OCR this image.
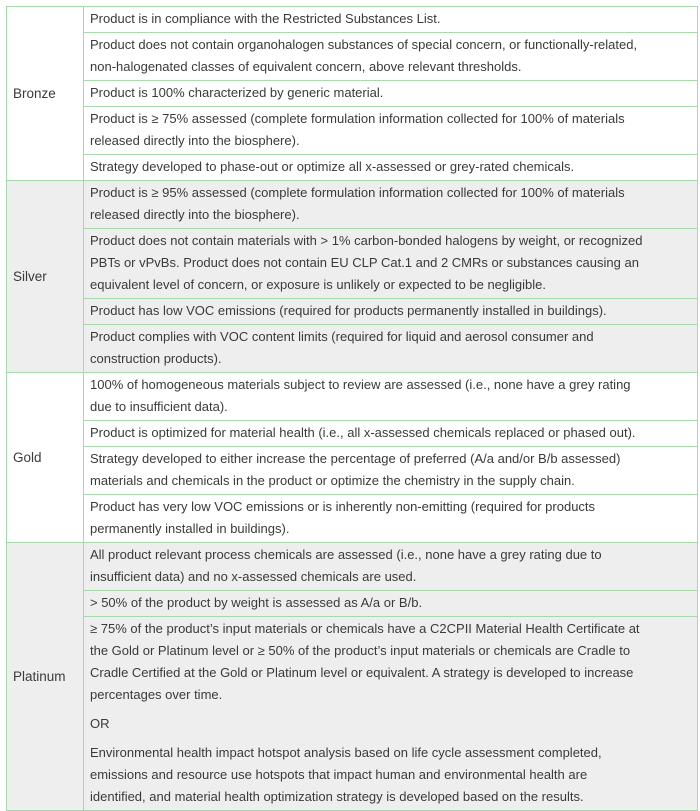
Bronze
Product is in compliance with the Restricted Substances List.
Product does not contain organohalogen substances of special concern, or functionally-related,
non-halogenated classes of equivalent concern, above relevant thresholds.
Product is 100% characterized by generic material.
Product is ≥ 75% assessed (complete formulation information collected for 100% of materials
released directly into the biosphere).
Strategy developed to phase-out or optimize all x-assessed or grey-rated chemicals.
Silver
Product is ≥ 95% assessed (complete formulation information collected for 100% of materials
released directly into the biosphere).
Product does not contain materials with > 1% carbon-bonded halogens by weight, or recognized
PBTs or vPvBs. Product does not contain EU CLP Cat.1 and 2 CMRs or substances causing an
equivalent level of concern, or exposure is unlikely or expected to be negligible.
Product has low VOC emissions (required for products permanently installed in buildings).
Product complies with VOC content limits (required for liquid and aerosol consumer and
construction products).
Gold
100% of homogeneous materials subject to review are assessed (i.e., none have a grey rating
due to insufficient data).
Product is optimized for material health (i.e., all x-assessed chemicals replaced or phased out).
Strategy developed to either increase the percentage of preferred (A/a and/or B/b assessed)
materials and chemicals in the product or optimize the chemistry in the supply chain.
Product has very low VOC emissions or is inherently non-emitting (required for products
permanently installed in buildings).
Platinum
All product relevant process chemicals are assessed (i.e., none have a grey rating due to
insufficient data) and no x-assessed chemicals are used.
> 50% of the product by weight is assessed as A/a or B/b.
≥ 75% of the product’s input materials or chemicals have a C2CPII Material Health Certificate at
the Gold or Platinum level or ≥ 50% of the product’s input materials or chemicals are Cradle to
Cradle Certified at the Gold or Platinum level or equivalent. A strategy is developed to increase
percentages over time.
OR
Environmental health impact hotspot analysis based on life cycle assessment completed,
emissions and resource use hotspots that impact human and environmental health are
identified, and material health optimization strategy is developed based on the results.
